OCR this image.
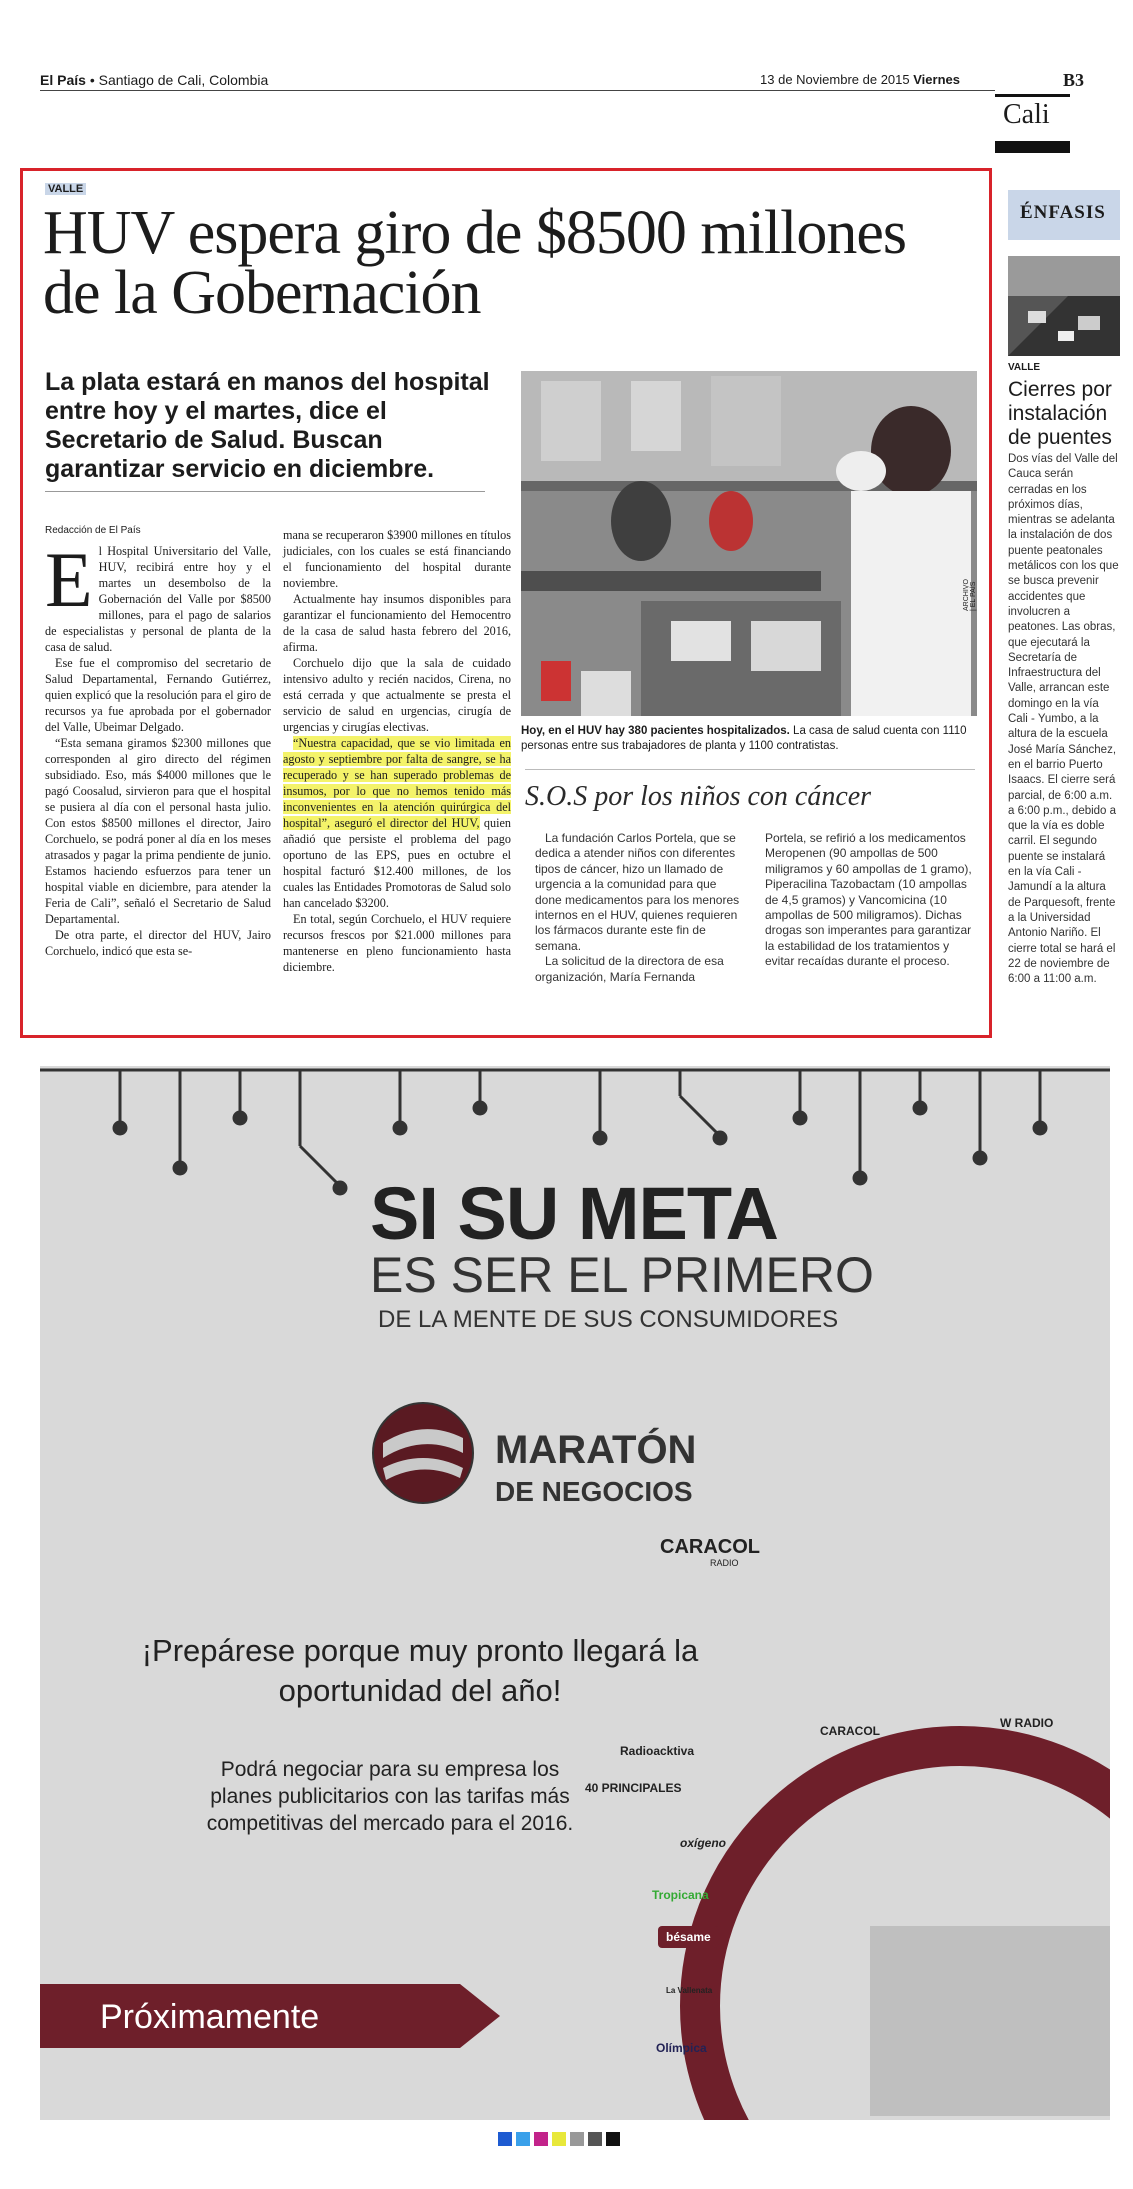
El País • Santiago de Cali, Colombia	13 de Noviembre de 2015 Viernes	B3
Cali
VALLE
HUV espera giro de $8500 millones de la Gobernación
La plata estará en manos del hospital entre hoy y el martes, dice el Secretario de Salud. Buscan garantizar servicio en diciembre.
Redacción de El País
E l Hospital Universitario del Valle, HUV, recibirá entre hoy y el martes un desembolso de la Gobernación del Valle por $8500 millones, para el pago de salarios de especialistas y personal de planta de la casa de salud.

Ese fue el compromiso del secretario de Salud Departamental, Fernando Gutiérrez, quien explicó que la resolución para el giro de recursos ya fue aprobada por el gobernador del Valle, Ubeimar Delgado.

“Esta semana giramos $2300 millones que corresponden al giro directo del régimen subsidiado. Eso, más $4000 millones que le pagó Coosalud, sirvieron para que el hospital se pusiera al día con el personal hasta julio. Con estos $8500 millones el director, Jairo Corchuelo, se podrá poner al día en los meses atrasados y pagar la prima pendiente de junio. Estamos haciendo esfuerzos para tener un hospital viable en diciembre, para atender la Feria de Cali”, señaló el Secretario de Salud Departamental.

De otra parte, el director del HUV, Jairo Corchuelo, indicó que esta se-

mana se recuperaron $3900 millones en títulos judiciales, con los cuales se está financiando el funcionamiento del hospital durante noviembre.

Actualmente hay insumos disponibles para garantizar el funcionamiento del Hemocentro de la casa de salud hasta febrero del 2016, afirma.

Corchuelo dijo que la sala de cuidado intensivo adulto y recién nacidos, Cirena, no está cerrada y que actualmente se presta el servicio de salud en urgencias, cirugía de urgencias y cirugías electivas.

“Nuestra capacidad, que se vio limitada en agosto y septiembre por falta de sangre, se ha recuperado y se han superado problemas de insumos, por lo que no hemos tenido más inconvenientes en la atención quirúrgica del hospital”, aseguró el director del HUV, quien añadió que persiste el problema del pago oportuno de las EPS, pues en octubre el hospital facturó $12.400 millones, de los cuales las Entidades Promotoras de Salud solo han cancelado $3200.

En total, según Corchuelo, el HUV requiere recursos frescos por $21.000 millones para mantenerse en pleno funcionamiento hasta diciembre.

ARCHIVO | EL PAÍS
Hoy, en el HUV hay 380 pacientes hospitalizados. La casa de salud cuenta con 1110 personas entre sus trabajadores de planta y 1100 contratistas.
S.O.S por los niños con cáncer

La fundación Carlos Portela, que se dedica a atender niños con diferentes tipos de cáncer, hizo un llamado de urgencia a la comunidad para que done medicamentos para los menores internos en el HUV, quienes requieren los fármacos durante este fin de semana.

La solicitud de la directora de esa organización, María Fernanda

Portela, se refirió a los medicamentos Meropenen (90 ampollas de 500 miligramos y 60 ampollas de 1 gramo), Piperacilina Tazobactam (10 ampollas de 4,5 gramos) y Vancomicina (10 ampollas de 500 miligramos). Dichas drogas son imperantes para garantizar la estabilidad de los tratamientos y evitar recaídas durante el proceso.

ÉNFASIS
VALLE
Cierres por instalación de puentes
Dos vías del Valle del Cauca serán cerradas en los próximos días, mientras se adelanta la instalación de dos puente peatonales metálicos con los que se busca prevenir accidentes que involucren a peatones. Las obras, que ejecutará la Secretaría de Infraestructura del Valle, arrancan este domingo en la vía Cali - Yumbo, a la altura de la escuela José María Sánchez, en el barrio Puerto Isaacs. El cierre será parcial, de 6:00 a.m. a 6:00 p.m., debido a que la vía es doble carril. El segundo puente se instalará en la vía Cali - Jamundí a la altura de Parquesoft, frente a la Universidad Antonio Nariño. El cierre total se hará el 22 de noviembre de 6:00 a 11:00 a.m.
SI SU META
ES SER EL PRIMERO
DE LA MENTE DE SUS CONSUMIDORES
MARATÓN
DE NEGOCIOS
CARACOL
RADIO
¡Prepárese porque muy pronto llegará la oportunidad del año!
Podrá negociar para su empresa los planes publicitarios con las tarifas más competitivas del mercado para el 2016.
CARACOL
W RADIO
40 PRINCIPALES
oxígeno
Tropicana
bésame
La Vallenata
Radioacktiva
Olímpica
Próximamente
